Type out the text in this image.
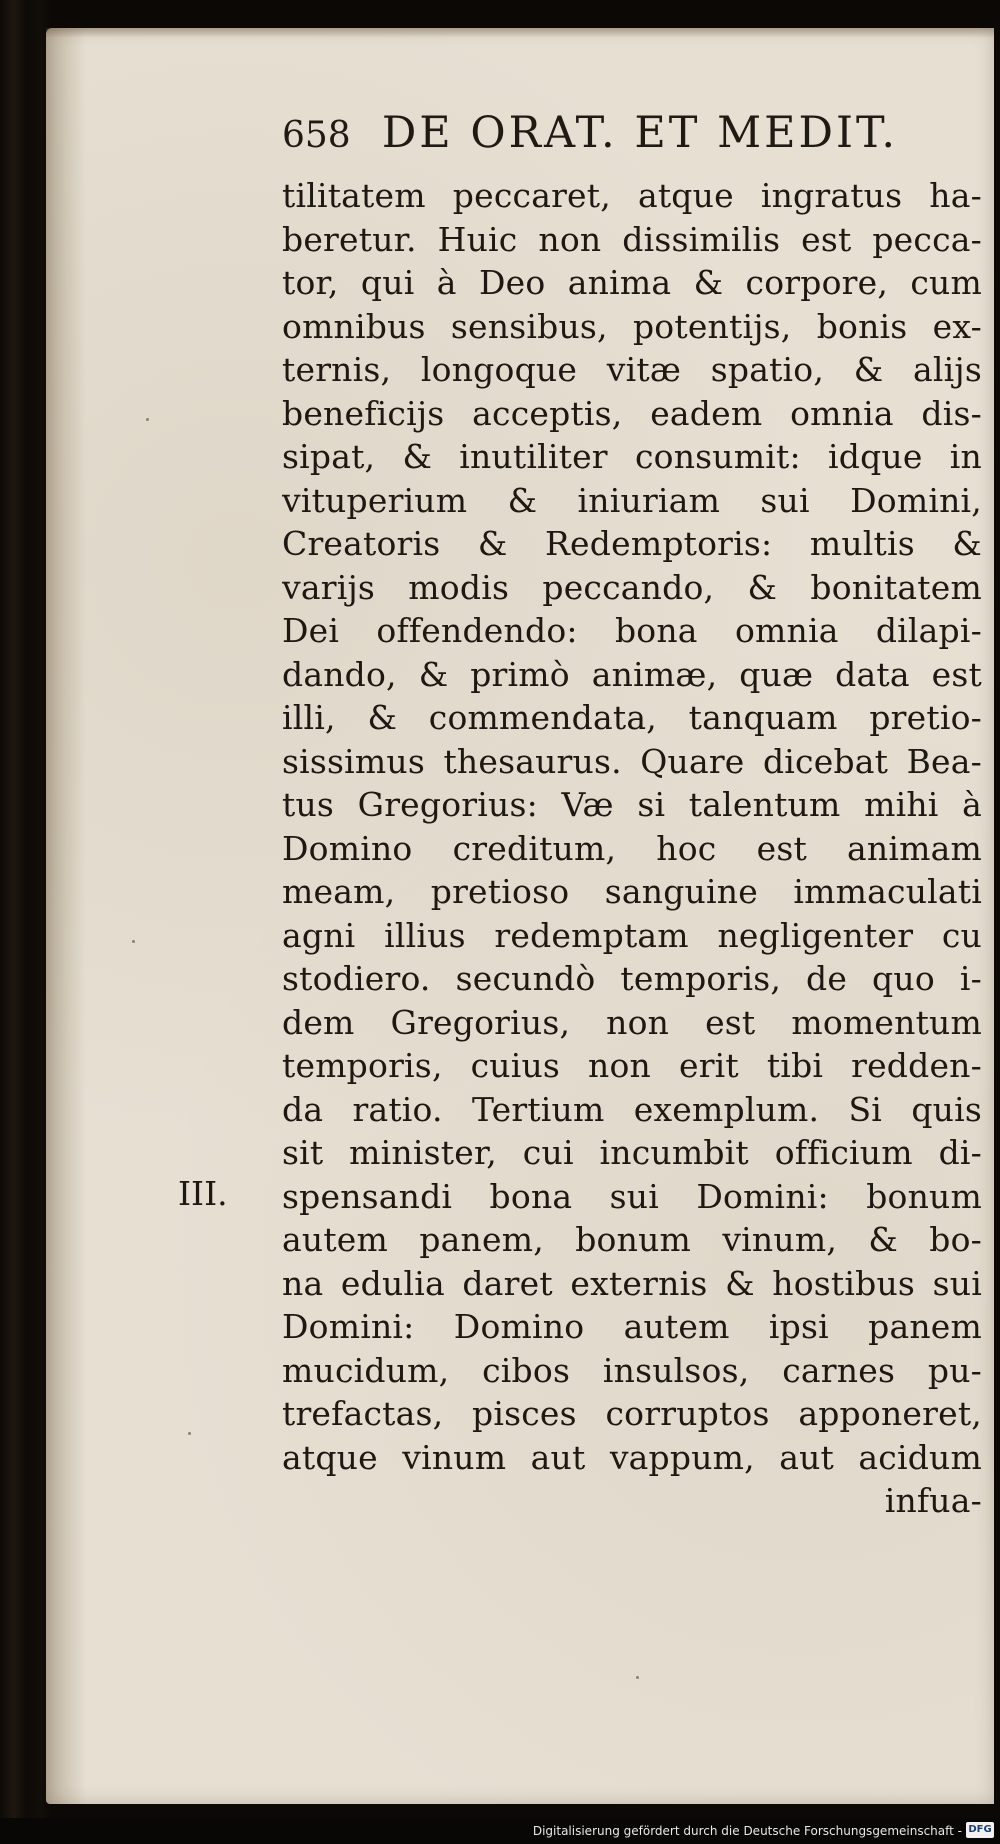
658 DE ORAT. ET MEDIT.
tilitatem peccaret, atque ingratus ha-
beretur. Huic non dissimilis est pecca-
tor, qui à Deo anima & corpore, cum
omnibus sensibus, potentijs, bonis ex-
ternis, longoque vitæ spatio, & alijs
beneficijs acceptis, eadem omnia dis-
sipat, & inutiliter consumit: idque in
vituperium & iniuriam sui Domini,
Creatoris & Redemptoris: multis &
varijs modis peccando, & bonitatem
Dei offendendo: bona omnia dilapi-
dando, & primò animæ, quæ data est
illi, & commendata, tanquam pretio-
sissimus thesaurus. Quare dicebat Bea-
tus Gregorius: Væ si talentum mihi à
Domino creditum, hoc est animam
meam, pretioso sanguine immaculati
agni illius redemptam negligenter cu
stodiero. secundò temporis, de quo i-
dem Gregorius, non est momentum
temporis, cuius non erit tibi redden-
da ratio. Tertium exemplum. Si quis
sit minister, cui incumbit officium di-
spensandi bona sui Domini: bonum
autem panem, bonum vinum, & bo-
na edulia daret externis & hostibus sui
Domini: Domino autem ipsi panem
mucidum, cibos insulsos, carnes pu-
trefactas, pisces corruptos apponeret,
atque vinum aut vappum, aut acidum
infua-
III.
Digitalisierung gefördert durch die Deutsche Forschungsgemeinschaft - DFG
